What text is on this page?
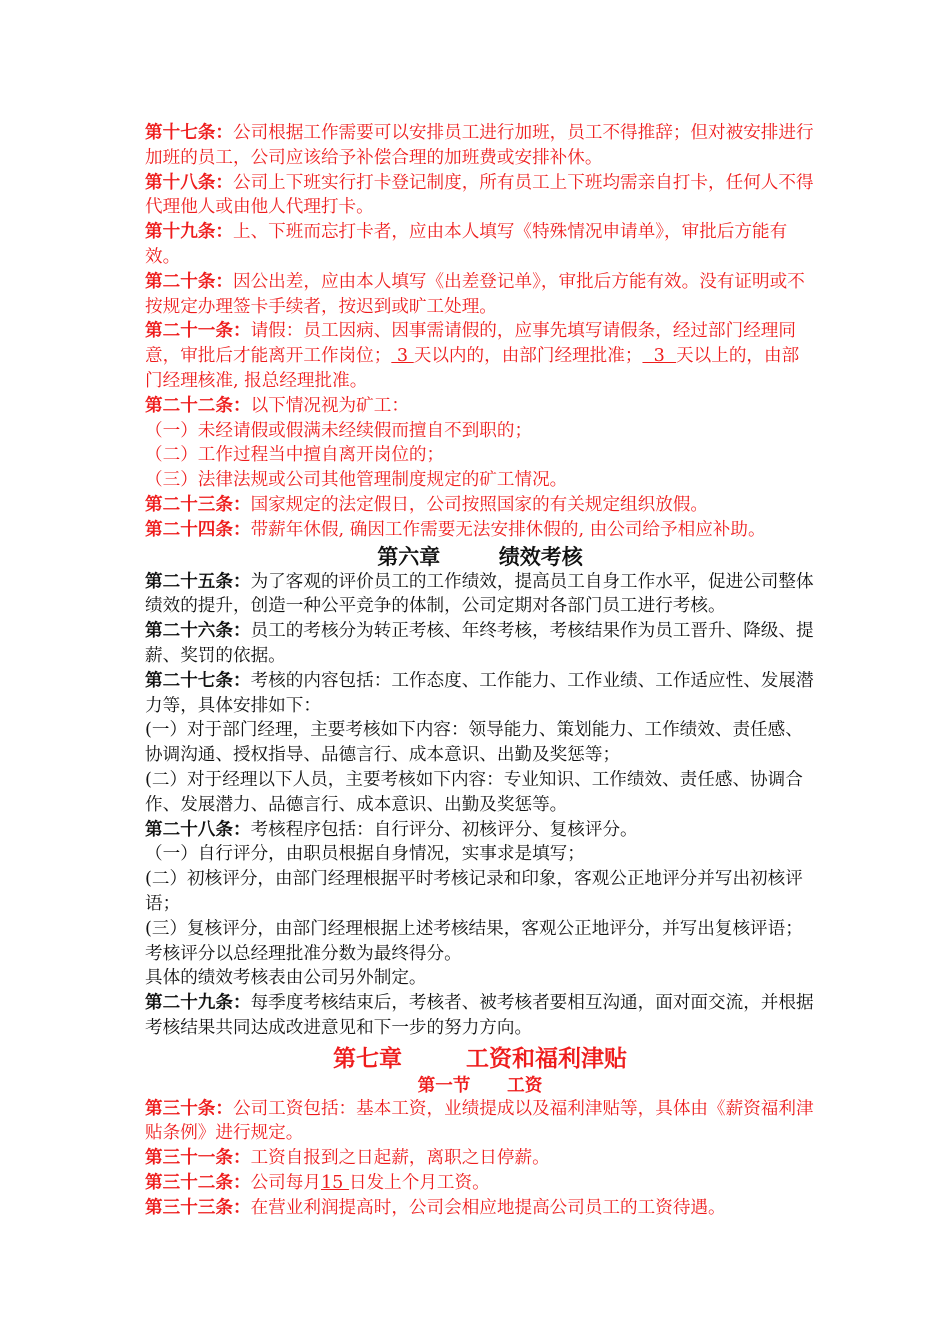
第十七条：公司根据工作需要可以安排员工进行加班，员工不得推辞；但对被安排进行加班的员工，公司应该给予补偿合理的加班费或安排补休。

第十八条：公司上下班实行打卡登记制度，所有员工上下班均需亲自打卡，任何人不得代理他人或由他人代理打卡。

第十九条：上、下班而忘打卡者，应由本人填写《特殊情况申请单》，审批后方能有效。

第二十条：因公出差，应由本人填写《出差登记单》，审批后方能有效。没有证明或不按规定办理签卡手续者，按迟到或旷工处理。

第二十一条：请假：员工因病、因事需请假的，应事先填写请假条，经过部门经理同意，审批后才能离开工作岗位； 3 天以内的，由部门经理批准；  3  天以上的，由部门经理核准, 报总经理批准。

第二十二条：以下情况视为矿工：

（一）未经请假或假满未经续假而擅自不到职的；

（二）工作过程当中擅自离开岗位的；

（三）法律法规或公司其他管理制度规定的矿工情况。

第二十三条：国家规定的法定假日，公司按照国家的有关规定组织放假。

第二十四条：带薪年休假, 确因工作需要无法安排休假的, 由公司给予相应补助。

第六章        绩效考核

第二十五条：为了客观的评价员工的工作绩效，提高员工自身工作水平，促进公司整体绩效的提升，创造一种公平竞争的体制，公司定期对各部门员工进行考核。

第二十六条：员工的考核分为转正考核、年终考核，考核结果作为员工晋升、降级、提薪、奖罚的依据。

第二十七条：考核的内容包括：工作态度、工作能力、工作业绩、工作适应性、发展潜力等，具体安排如下：

(一）对于部门经理，主要考核如下内容：领导能力、策划能力、工作绩效、责任感、协调沟通、授权指导、品德言行、成本意识、出勤及奖惩等；

(二）对于经理以下人员，主要考核如下内容：专业知识、工作绩效、责任感、协调合作、发展潜力、品德言行、成本意识、出勤及奖惩等。

第二十八条：考核程序包括：自行评分、初核评分、复核评分。

（一）自行评分，由职员根据自身情况，实事求是填写；

(二）初核评分，由部门经理根据平时考核记录和印象，客观公正地评分并写出初核评语；

(三）复核评分，由部门经理根据上述考核结果，客观公正地评分，并写出复核评语；考核评分以总经理批准分数为最终得分。

具体的绩效考核表由公司另外制定。

第二十九条：每季度考核结束后，考核者、被考核者要相互沟通，面对面交流，并根据考核结果共同达成改进意见和下一步的努力方向。

第七章        工资和福利津贴
第一节      工资

第三十条：公司工资包括：基本工资，业绩提成以及福利津贴等，具体由《薪资福利津贴条例》进行规定。

第三十一条：工资自报到之日起薪，离职之日停薪。

第三十二条：公司每月15 日发上个月工资。

第三十三条：在营业利润提高时，公司会相应地提高公司员工的工资待遇。
